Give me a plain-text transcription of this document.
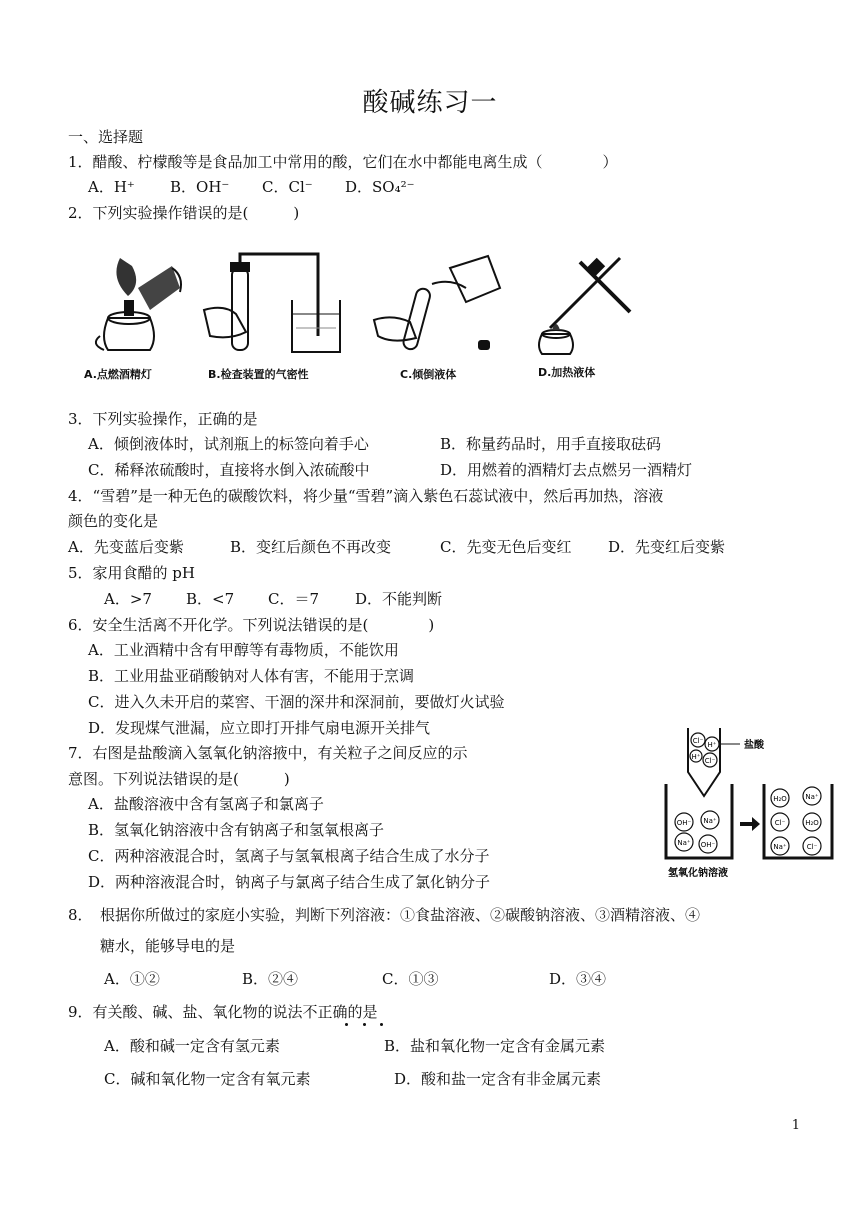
酸碱练习一
一、选择题
1．醋酸、柠檬酸等是食品加工中常用的酸，它们在水中都能电离生成（　　　　）
A．H⁺ B．OH⁻ C．Cl⁻ D．SO₄²⁻
2．下列实验操作错误的是(　　　)
A.点燃酒精灯	B.检查装置的气密性	C.倾倒液体	D.加热液体
3．下列实验操作，正确的是
A．倾倒液体时，试剂瓶上的标签向着手心	B．称量药品时，用手直接取砝码
C．稀释浓硫酸时，直接将水倒入浓硫酸中	D．用燃着的酒精灯去点燃另一酒精灯
4．“雪碧”是一种无色的碳酸饮料，将少量“雪碧”滴入紫色石蕊试液中，然后再加热，溶液
颜色的变化是
A．先变蓝后变紫	B．变红后颜色不再改变	C．先变无色后变红 D．先变红后变紫
5．家用食醋的 pH
A．>7 B．<7 C．＝7 D．不能判断
6．安全生活离不开化学。下列说法错误的是(　　　　)
A．工业酒精中含有甲醇等有毒物质，不能饮用
B．工业用盐亚硝酸钠对人体有害，不能用于烹调
C．进入久未开启的菜窖、干涸的深井和深洞前，要做灯火试验
D．发现煤气泄漏，应立即打开排气扇电源开关排气
7．右图是盐酸滴入氢氧化钠溶掖中，有关粒子之间反应的示
意图。下列说法错误的是(　　　)
A．盐酸溶液中含有氢离子和氯离子
B．氢氧化钠溶液中含有钠离子和氢氧根离子
C．两种溶液混合时，氢离子与氢氧根离子结合生成了水分子
D．两种溶液混合时，钠离子与氯离子结合生成了氯化钠分子
Cl⁻ H⁺
H⁺ Cl⁻
盐酸
OH⁻ Na⁺
Na⁺ OH⁻
H₂O	Na⁺
Cl⁻	H₂O
Na⁺	Cl⁻
氢氧化钠溶液
8．　根据你所做过的家庭小实验，判断下列溶液：①食盐溶液、②碳酸钠溶液、③酒精溶液、④
糖水，能够导电的是
A．①②	B．②④	C．①③	D．③④
9．有关酸、碱、盐、氧化物的说法不正确的是
A．酸和碱一定含有氢元素	B．盐和氧化物一定含有金属元素
C．碱和氧化物一定含有氧元素	D．酸和盐一定含有非金属元素
1
